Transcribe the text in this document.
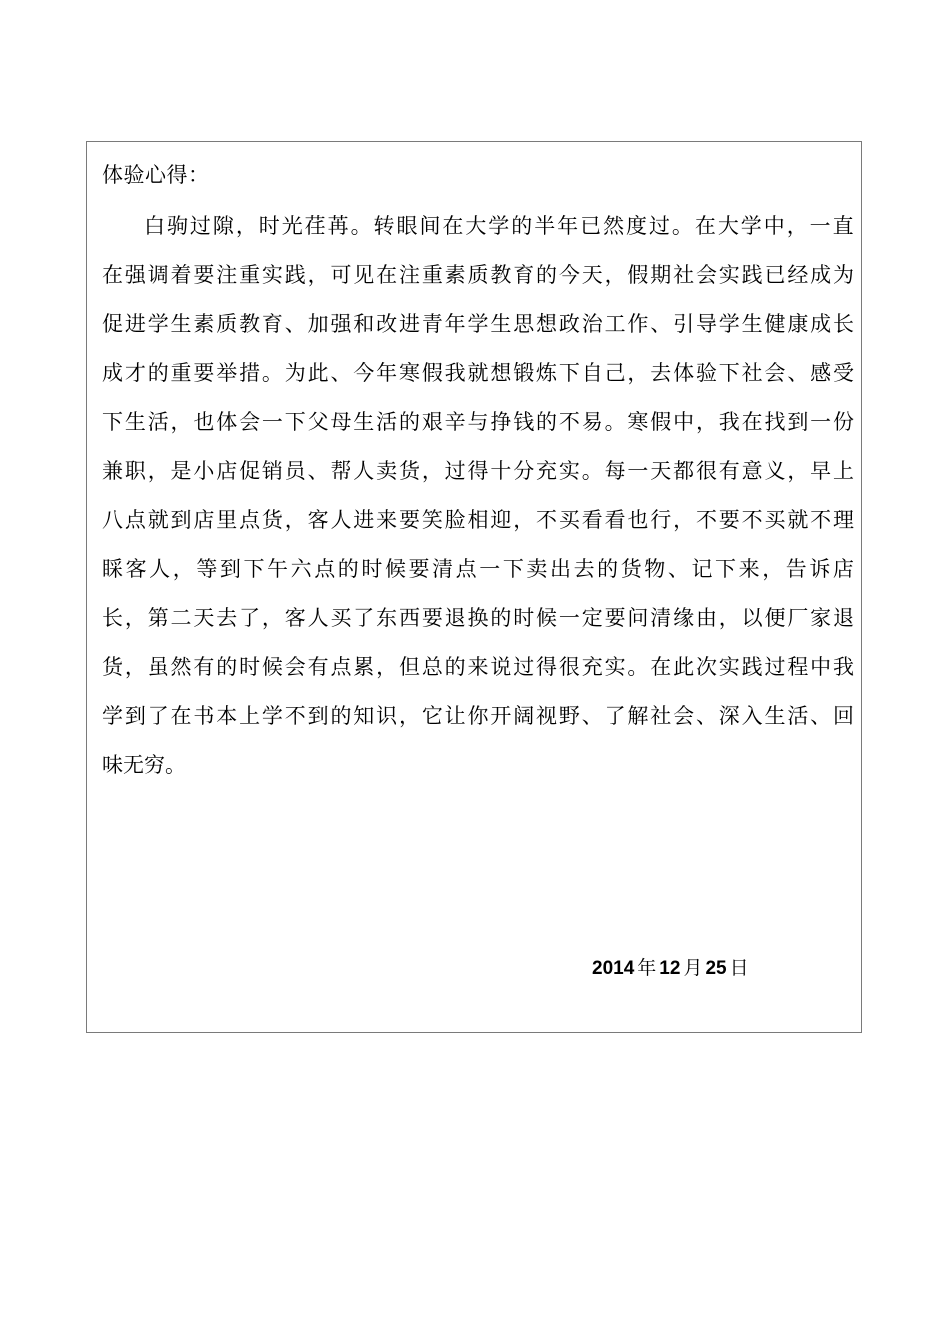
体验心得：
白 驹 过 隙 ， 时 光 荏 苒 。 转 眼 间 在 大 学 的 半 年 已 然 度 过 。 在 大 学 中 ， 一 直
在 强 调 着 要 注 重 实 践 ， 可 见 在 注 重 素 质 教 育 的 今 天 ， 假 期 社 会 实 践 已 经 成 为
促 进 学 生 素 质 教 育 、 加 强 和 改 进 青 年 学 生 思 想 政 治 工 作 、 引 导 学 生 健 康 成 长
成 才 的 重 要 举 措 。 为 此 、 今 年 寒 假 我 就 想 锻 炼 下 自 己 ， 去 体 验 下 社 会 、 感 受
下 生 活 ， 也 体 会 一 下 父 母 生 活 的 艰 辛 与 挣 钱 的 不 易 。 寒 假 中 ， 我 在 找 到 一 份
兼 职 ， 是 小 店 促 销 员 、 帮 人 卖 货 ， 过 得 十 分 充 实 。 每 一 天 都 很 有 意 义 ， 早 上
八 点 就 到 店 里 点 货 ， 客 人 进 来 要 笑 脸 相 迎 ， 不 买 看 看 也 行 ， 不 要 不 买 就 不 理
睬 客 人 ， 等 到 下 午 六 点 的 时 候 要 清 点 一 下 卖 出 去 的 货 物 、 记 下 来 ， 告 诉 店
长 ， 第 二 天 去 了 ， 客 人 买 了 东 西 要 退 换 的 时 候 一 定 要 问 清 缘 由 ， 以 便 厂 家 退
货 ， 虽 然 有 的 时 候 会 有 点 累 ， 但 总 的 来 说 过 得 很 充 实 。 在 此 次 实 践 过 程 中 我
学 到 了 在 书 本 上 学 不 到 的 知 识 ， 它 让 你 开 阔 视 野 、 了 解 社 会 、 深 入 生 活 、 回
味无穷。
2014 年 12 月 25 日
